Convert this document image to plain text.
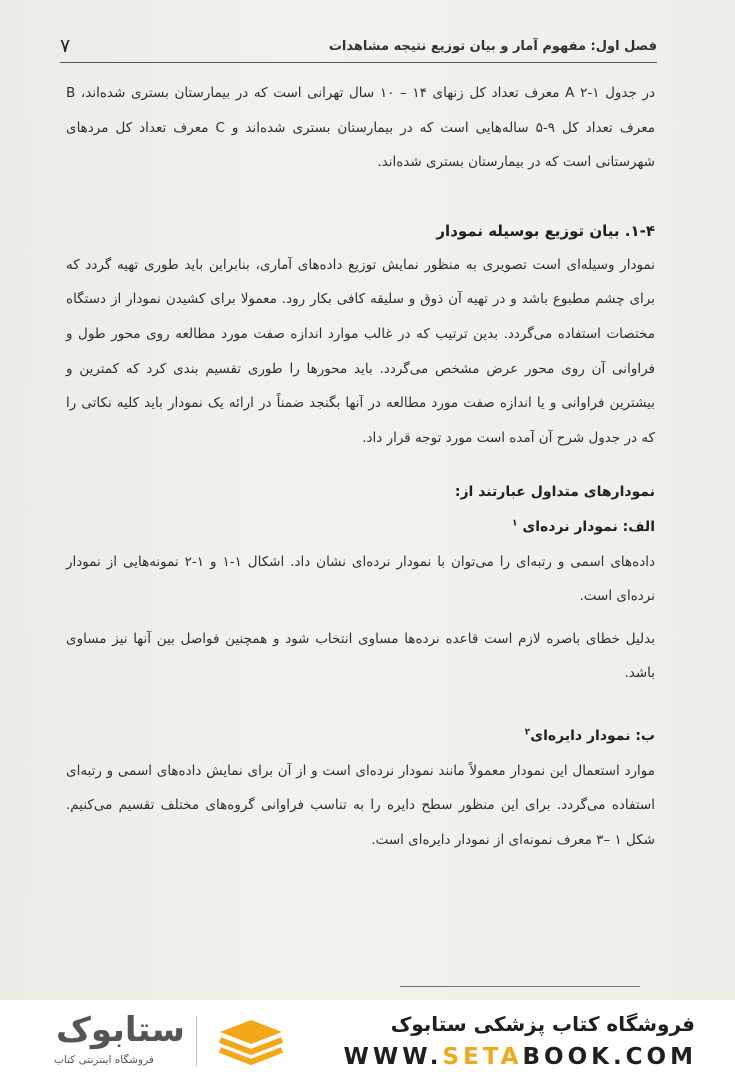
۷	فصل اول: مفهوم آمار و بیان توزیع نتیجه مشاهدات

در جدول ۱-۲ A معرف تعداد کل زنهای ۱۴ – ۱۰ سال تهرانی است که در بیمارستان بستری شده‌اند، B معرف تعداد کل ۹-۵ ساله‌هایی است که در بیمارستان بستری شده‌اند و C معرف تعداد کل مردهای شهرستانی است که در بیمارستان بستری شده‌اند.

۱-۴. بیان توزیع بوسیله نمودار

نمودار وسیله‌ای است تصویری به منظور نمایش توزیع داده‌های آماری، بنابراین باید طوری تهیه گردد که برای چشم مطبوع باشد و در تهیه آن ذوق و سلیقه کافی بکار رود. معمولا برای کشیدن نمودار از دستگاه مختصات استفاده می‌گردد. بدین ترتیب که در غالب موارد اندازه صفت مورد مطالعه روی محور طول و فراوانی آن روی محور عرض مشخص می‌گردد. باید محورها را طوری تقسیم بندی کرد که کمترین و بیشترین فراوانی و یا اندازه صفت مورد مطالعه در آنها بگنجد ضمناً در ارائه یک نمودار باید کلیه نکاتی را که در جدول شرح آن آمده است مورد توجه قرار داد.

نمودارهای متداول عبارتند از:

الف: نمودار نرده‌ای $^۱$

داده‌های اسمی و رتبه‌ای را می‌توان با نمودار نرده‌ای نشان داد. اشکال ۱-۱ و ۱-۲ نمونه‌هایی از نمودار نرده‌ای است.

بدلیل خطای باصره لازم است قاعده نرده‌ها مساوی انتخاب شود و همچنین فواصل بین آنها نیز مساوی باشد.

ب: نمودار دایره‌ای$^۲$

موارد استعمال این نمودار معمولاً مانند نمودار نرده‌ای است و از آن برای نمایش داده‌های اسمی و رتبه‌ای استفاده می‌گردد. برای این منظور سطح دایره را به تناسب فراوانی گروه‌های مختلف تقسیم می‌کنیم. شکل ۱ –۳ معرف نمونه‌ای از نمودار دایره‌ای است.

ستابوک
فروشگاه اینترنتی کتاب
فروشگاه کتاب پزشکی ستابوک
WWW.SETABOOK.COM
